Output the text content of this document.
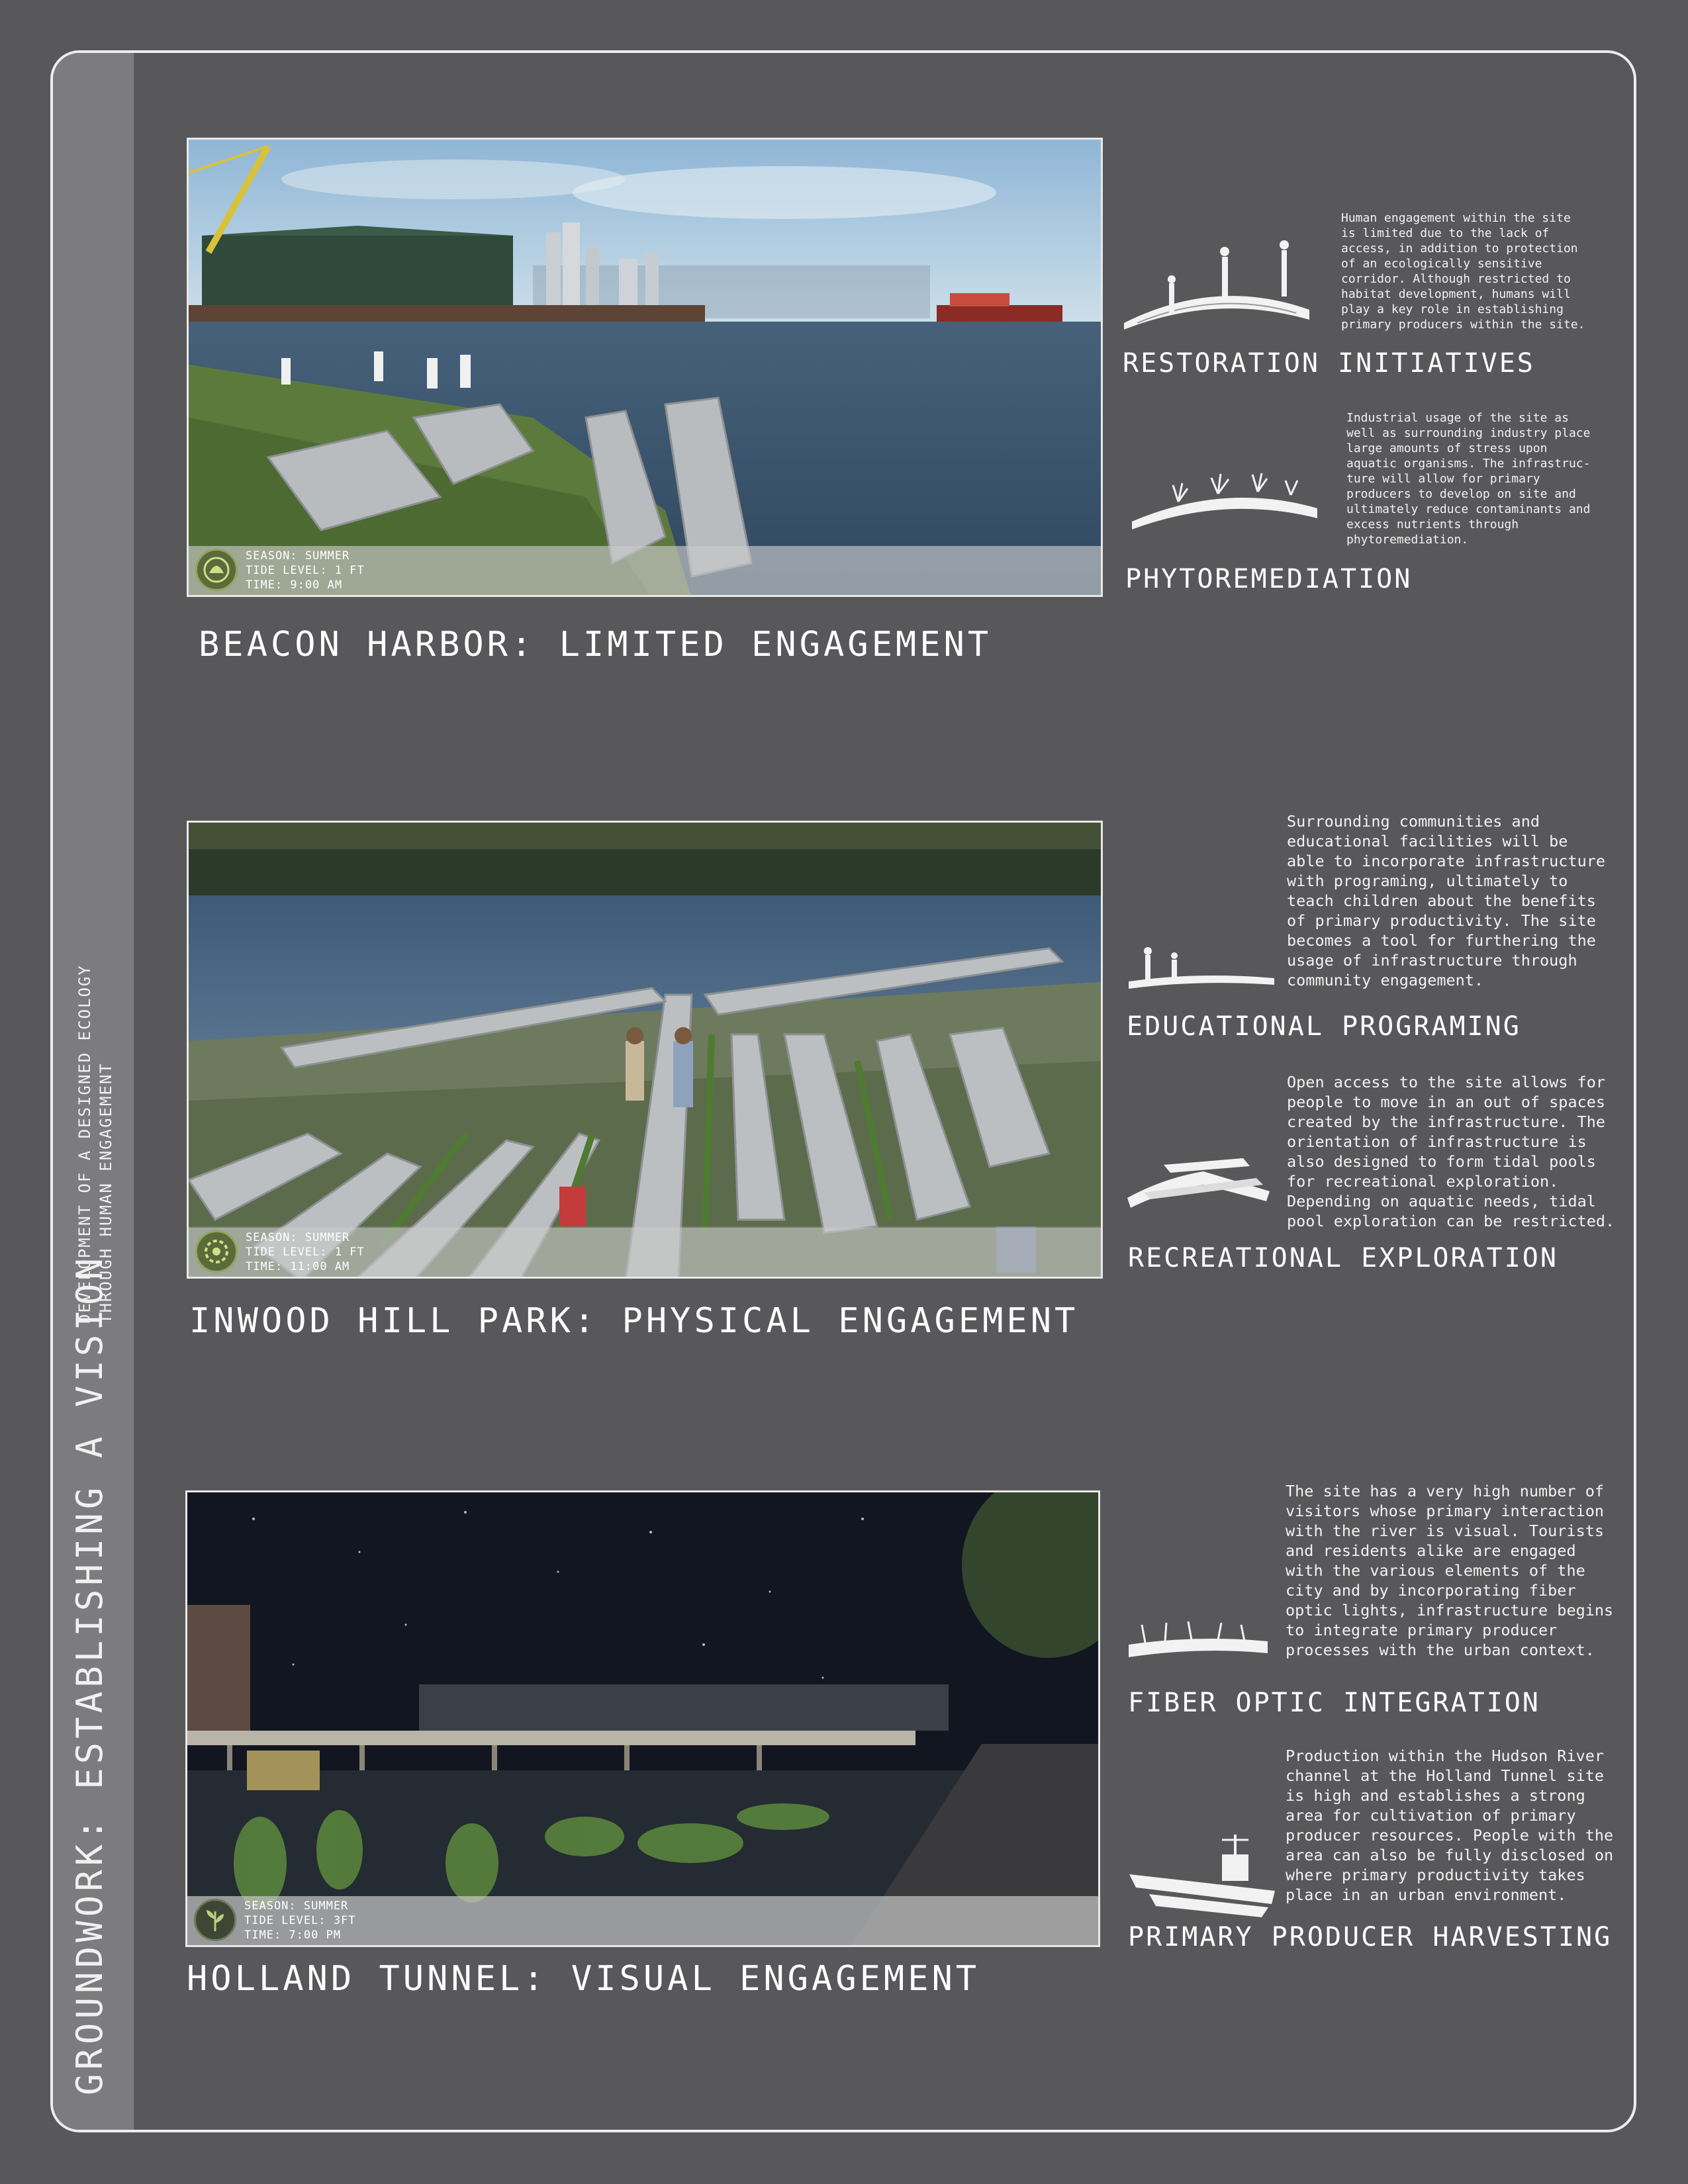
GROUNDWORK: ESTABLISHING A VISION
DEVELOPMENT OF A DESIGNED ECOLOGY THROUGH HUMAN ENGAGEMENT
SEASON: SUMMER
TIDE LEVEL: 1 FT
TIME: 9:00 AM
BEACON HARBOR: LIMITED ENGAGEMENT
Human engagement within the site
is limited due to the lack of
access, in addition to protection
of an ecologically sensitive
corridor. Although restricted to
habitat development, humans will
play a key role in establishing
primary producers within the site.
RESTORATION INITIATIVES
Industrial usage of the site as
well as surrounding industry place
large amounts of stress upon
aquatic organisms. The infrastruc-
ture will allow for primary
producers to develop on site and
ultimately reduce contaminants and
excess nutrients through
phytoremediation.
PHYTOREMEDIATION
SEASON: SUMMER
TIDE LEVEL: 1 FT
TIME: 11:00 AM
INWOOD HILL PARK: PHYSICAL ENGAGEMENT
Surrounding communities and
educational facilities will be
able to incorporate infrastructure
with programing, ultimately to
teach children about the benefits
of primary productivity. The site
becomes a tool for furthering the
usage of infrastructure through
community engagement.
EDUCATIONAL PROGRAMING
Open access to the site allows for
people to move in an out of spaces
created by the infrastructure. The
orientation of infrastructure is
also designed to form tidal pools
for recreational exploration.
Depending on aquatic needs, tidal
pool exploration can be restricted.
RECREATIONAL EXPLORATION
SEASON: SUMMER
TIDE LEVEL: 3FT
TIME: 7:00 PM
HOLLAND TUNNEL: VISUAL ENGAGEMENT
The site has a very high number of
visitors whose primary interaction
with the river is visual. Tourists
and residents alike are engaged
with the various elements of the
city and by incorporating fiber
optic lights, infrastructure begins
to integrate primary producer
processes with the urban context.
FIBER OPTIC INTEGRATION
Production within the Hudson River
channel at the Holland Tunnel site
is high and establishes a strong
area for cultivation of primary
producer resources. People with the
area can also be fully disclosed on
where primary productivity takes
place in an urban environment.
PRIMARY PRODUCER HARVESTING
